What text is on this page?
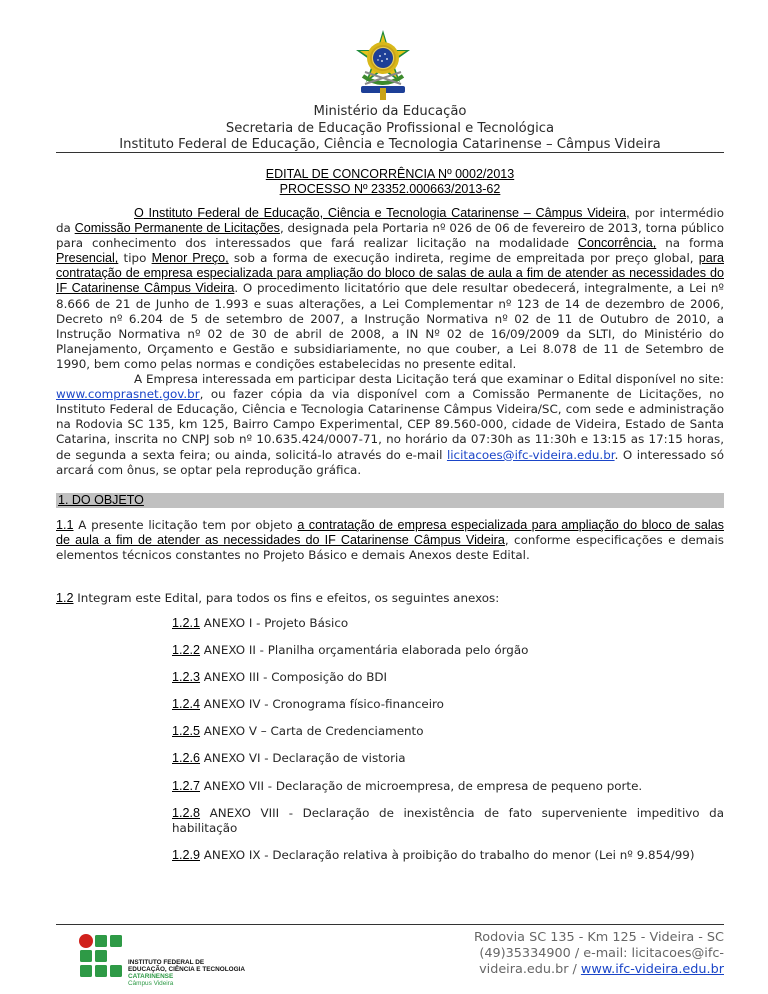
Ministério da Educação
Secretaria de Educação Profissional e Tecnológica
Instituto Federal de Educação, Ciência e Tecnologia Catarinense – Câmpus Videira
EDITAL DE CONCORRÊNCIA Nº 0002/2013
PROCESSO Nº 23352.000663/2013-62

O Instituto Federal de Educação, Ciência e Tecnologia Catarinense – Câmpus Videira, por intermédio da Comissão Permanente de Licitações, designada pela Portaria nº 026 de 06 de fevereiro de 2013, torna público para conhecimento dos interessados que fará realizar licitação na modalidade Concorrência, na forma Presencial, tipo Menor Preço, sob a forma de execução indireta, regime de empreitada por preço global, para contratação de empresa especializada para ampliação do bloco de salas de aula a fim de atender as necessidades do IF Catarinense Câmpus Videira. O procedimento licitatório que dele resultar obedecerá, integralmente, a Lei nº 8.666 de 21 de Junho de 1.993 e suas alterações, a Lei Complementar nº 123 de 14 de dezembro de 2006, Decreto nº 6.204 de 5 de setembro de 2007, a Instrução Normativa nº 02 de 11 de Outubro de 2010, a Instrução Normativa nº 02 de 30 de abril de 2008, a IN Nº 02 de 16/09/2009 da SLTI, do Ministério do Planejamento, Orçamento e Gestão e subsidiariamente, no que couber, a Lei 8.078 de 11 de Setembro de 1990, bem como pelas normas e condições estabelecidas no presente edital.

A Empresa interessada em participar desta Licitação terá que examinar o Edital disponível no site: www.comprasnet.gov.br, ou fazer cópia da via disponível com a Comissão Permanente de Licitações, no Instituto Federal de Educação, Ciência e Tecnologia Catarinense Câmpus Videira/SC, com sede e administração na Rodovia SC 135, km 125, Bairro Campo Experimental, CEP 89.560-000, cidade de Videira, Estado de Santa Catarina, inscrita no CNPJ sob nº 10.635.424/0007-71, no horário da 07:30h as 11:30h e 13:15 as 17:15 horas, de segunda a sexta feira; ou ainda, solicitá-lo através do e-mail licitacoes@ifc-videira.edu.br. O interessado só arcará com ônus, se optar pela reprodução gráfica.

1. DO OBJETO

1.1 A presente licitação tem por objeto a contratação de empresa especializada para ampliação do bloco de salas de aula a fim de atender as necessidades do IF Catarinense Câmpus Videira, conforme especificações e demais elementos técnicos constantes no Projeto Básico e demais Anexos deste Edital.

1.2 Integram este Edital, para todos os fins e efeitos, os seguintes anexos:

1.2.1 ANEXO I - Projeto Básico
1.2.2 ANEXO II - Planilha orçamentária elaborada pelo órgão
1.2.3 ANEXO III - Composição do BDI
1.2.4 ANEXO IV - Cronograma físico-financeiro
1.2.5 ANEXO V – Carta de Credenciamento
1.2.6 ANEXO VI - Declaração de vistoria
1.2.7 ANEXO VII - Declaração de microempresa, de empresa de pequeno porte.
1.2.8 ANEXO VIII - Declaração de inexistência de fato superveniente impeditivo da habilitação
1.2.9 ANEXO IX - Declaração relativa à proibição do trabalho do menor (Lei nº 9.854/99)
INSTITUTO FEDERAL DE
EDUCAÇÃO, CIÊNCIA E TECNOLOGIA
CATARINENSE
Câmpus Videira
Rodovia SC 135 - Km 125 - Videira - SC
(49)35334900 / e-mail: licitacoes@ifc-
videira.edu.br / www.ifc-videira.edu.br
